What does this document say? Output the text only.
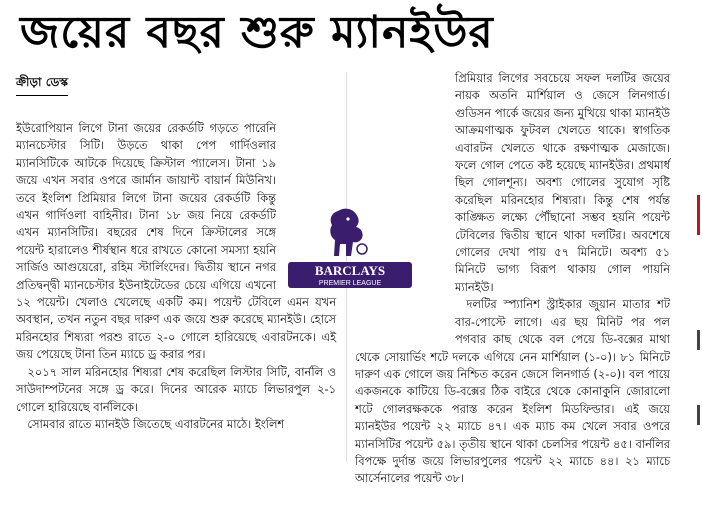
জয়ের বছর শুরু ম্যানইউর
ক্রীড়া ডেস্ক

ইউরোপিয়ান লিগে টানা জয়ের রেকর্ডটি গড়তে পারেনি ম্যানচেস্টার সিটি। উড়তে থাকা পেপ গার্দিওলার ম্যানসিটিকে আটকে দিয়েছে ক্রিস্টাল প্যালেস। টানা ১৯ জয়ে এখন সবার ওপরে জার্মান জায়ান্ট বায়ার্ন মিউনিখ। তবে ইংলিশ প্রিমিয়ার লিগে টানা জয়ের রেকর্ডটি কিন্তু এখন গার্দিওলা বাহিনীর। টানা ১৮ জয় নিয়ে রেকর্ডটি এখন ম্যানসিটির। বছরের শেষ দিনে ক্রিস্টালের সঙ্গে পয়েন্ট হারালেও শীর্ষস্থান ধরে রাখতে কোনো সমস্যা হয়নি সার্জিও আগুয়েরো, রহিম স্টার্লিংদের। দ্বিতীয় স্থানে নগর প্রতিদ্বন্দ্বী ম্যানচেস্টার ইউনাইটেডের চেয়ে এগিয়ে এখনো ১২ পয়েন্ট। খেলাও খেলেছে একটি কম। পয়েন্ট টেবিলে এমন যখন অবস্থান, তখন নতুন বছর দারুণ এক জয়ে শুরু করেছে ম্যানইউ। হোসে মরিনহোর শিষ্যরা পরশু রাতে ২-০ গোলে হারিয়েছে এবারটনকে। এই জয় পেয়েছে টানা তিন ম্যাচে ড্র করার পর।

২০১৭ সাল মরিনহোর শিষ্যরা শেষ করেছিল লিস্টার সিটি, বার্নলি ও সাউদাম্পটনের সঙ্গে ড্র করে। দিনের আরেক ম্যাচে লিভারপুল ২-১ গোলে হারিয়েছে বার্নলিকে।

সোমবার রাতে ম্যানইউ জিতেছে এবারটনের মাঠে। ইংলিশ

প্রিমিয়ার লিগের সবচেয়ে সফল দলটির জয়ের নায়ক অতনি মার্শিয়াল ও জেসে লিনগার্ড। গুডিসন পার্কে জয়ের জন্য মুখিয়ে থাকা ম্যানইউ আক্রমণাত্মক ফুটবল খেলতে থাকে। স্বাগতিক এবারটন খেলতে থাকে রক্ষণাত্মক মেজাজে। ফলে গোল পেতে কষ্ট হয়েছে ম্যানইউর। প্রথমার্ধ ছিল গোলশূন্য। অবশ্য গোলের সুযোগ সৃষ্টি করেছিল মরিনহোর শিষ্যরা। কিন্তু শেষ পর্যন্ত কাঙ্ক্ষিত লক্ষ্যে পৌঁছানো সম্ভব হয়নি পয়েন্ট টেবিলের দ্বিতীয় স্থানে থাকা দলটির। অবশেষে গোলের দেখা পায় ৫৭ মিনিটে। অবশ্য ৫১ মিনিটে ভাগ্য বিরূপ থাকায় গোল পায়নি ম্যানইউ।

দলটির স্প্যানিশ স্ট্রাইকার জুয়ান মাতার শট বার-পোস্টে লাগে। এর ছয় মিনিট পর পল পগবার কাছ থেকে বল পেয়ে ডি-বক্সের মাথা থেকে সোয়ার্ভিং শটে দলকে এগিয়ে নেন মার্শিয়াল (১-০)। ৮১ মিনিটে দারুণ এক গোলে জয় নিশ্চিত করেন জেসে লিনগার্ড (২-০)। বল পায়ে একজনকে কাটিয়ে ডি-বক্সের ঠিক বাইরে থেকে কোনাকুনি জোরালো শটে গোলরক্ষককে পরাস্ত করেন ইংলিশ মিডফিল্ডার। এই জয়ে ম্যানইউর পয়েন্ট ২২ ম্যাচে ৪৭। এক ম্যাচ কম খেলে সবার ওপরে ম্যানসিটির পয়েন্ট ৫৯। তৃতীয় স্থানে থাকা চেলসির পয়েন্ট ৪৫। বার্নলির বিপক্ষে দুর্দান্ত জয়ে লিভারপুলের পয়েন্ট ২২ ম্যাচে ৪৪। ২১ ম্যাচে আর্সেনালের পয়েন্ট ৩৮।

BARCLAYS
PREMIER LEAGUE
